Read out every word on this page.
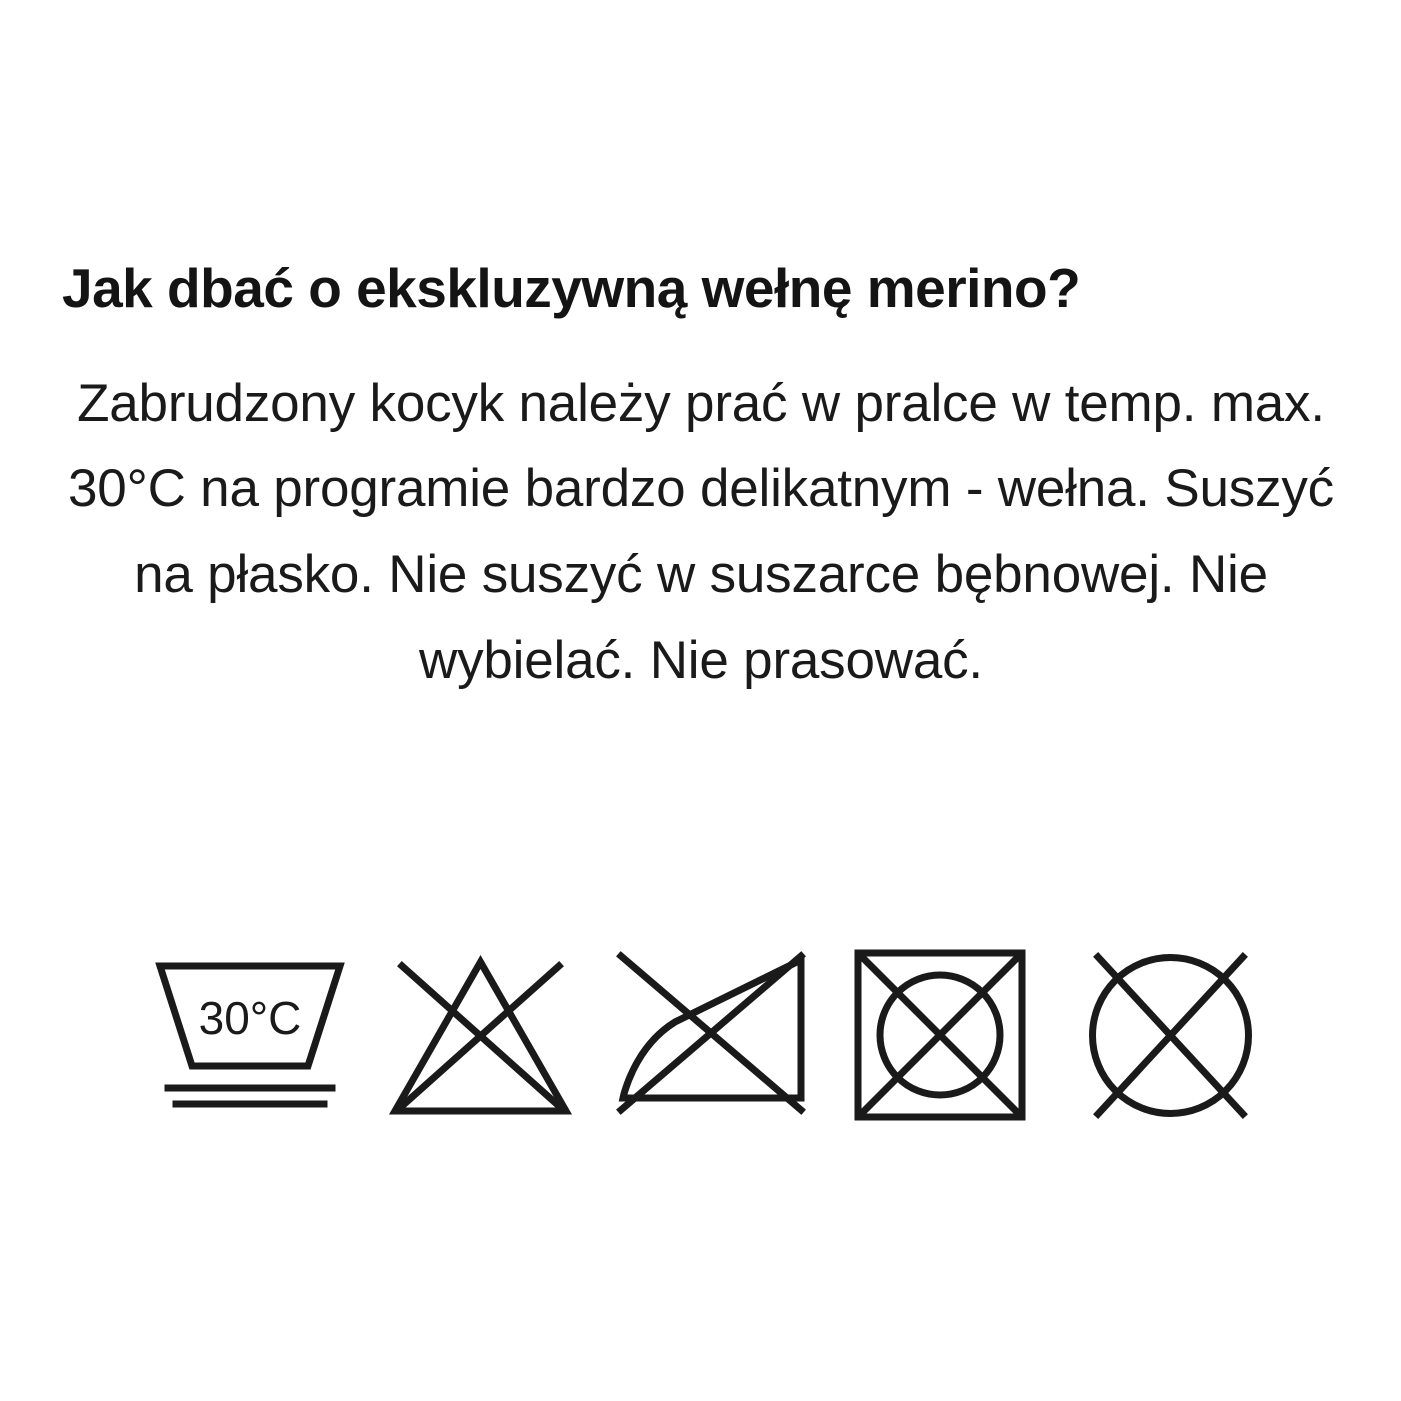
Jak dbać o ekskluzywną wełnę merino?

Zabrudzony kocyk należy prać w pralce w temp. max. 30°C na programie bardzo delikatnym - wełna. Suszyć na płasko. Nie suszyć w suszarce bębnowej. Nie wybielać. Nie prasować.

30°C
